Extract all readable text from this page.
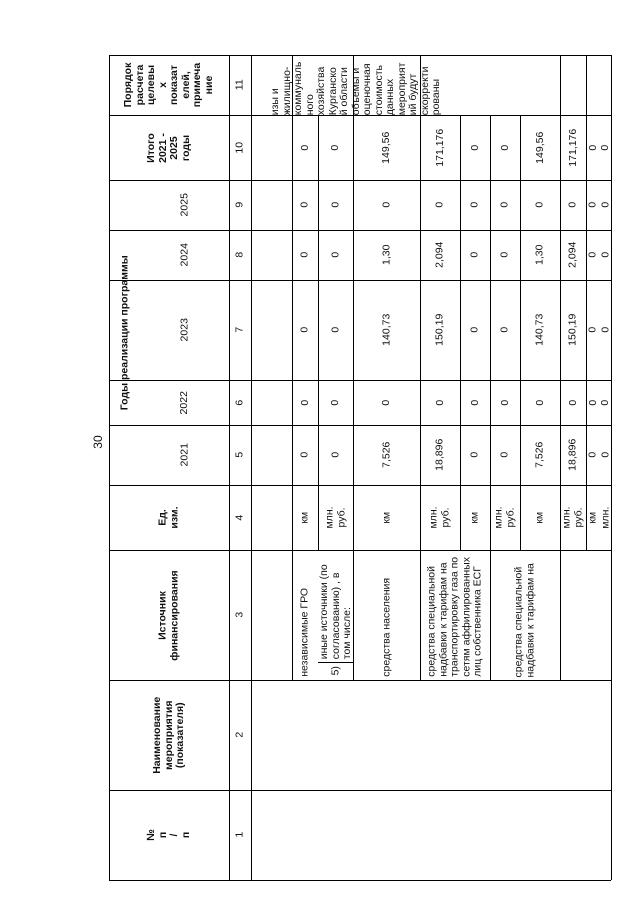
30
№
п
/
п
Наименование
мероприятия
(показателя)
Источник
финансирования
Ед.
изм.
Годы реализации программы
2021
2022
2023
2024
2025
Итого
2021 -
2025
годы
Порядок
расчета
целевы
х
показат
елей,
примеча
ние
1
2
3
4
5
6
7
8
9
10
11
км
0
0
0
0
0
0
млн.
руб.
0
0
0
0
0
0
км
7,526
0
140,73
1,30
0
149,56
млн.
руб.
18,896
0
150,19
2,094
0
171,176
км
0
0
0
0
0
0
млн.
руб.
0
0
0
0
0
0
км
7,526
0
140,73
1,30
0
149,56
млн.
руб.
18,896
0
150,19
2,094
0
171,176
км
0
0
0
0
0
0
млн.
0
0
0
0
0
0
независимые ГРО иные источники (по
согласованию) , в
том числе:
5)	средства населения	средства специальной
надбавки к тарифам на
транспортировку газа по
сетям аффилированных
лиц собственника ЕСГ
средства специальной
надбавки к тарифам на
изы и
жилищно-
коммуналь
ного
хозяйства
Курганско
й области
объемы и
оценочная
стоимость
данных
мероприят
ий будут
скорректи
рованы
